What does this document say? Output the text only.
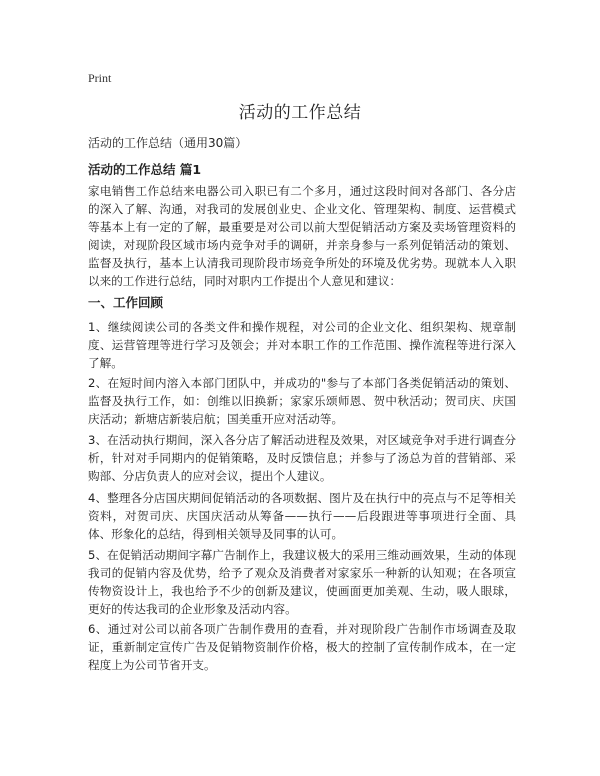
Print
活动的工作总结

活动的工作总结（通用30篇）

活动的工作总结 篇1

家电销售工作总结来电器公司入职已有二个多月，通过这段时间对各部门、各分店的深入了解、沟通，对我司的发展创业史、企业文化、管理架构、制度、运营模式等基本上有一定的了解，最重要是对公司以前大型促销活动方案及卖场管理资料的阅读，对现阶段区域市场内竞争对手的调研，并亲身参与一系列促销活动的策划、监督及执行，基本上认清我司现阶段市场竞争所处的环境及优劣势。现就本人入职以来的工作进行总结，同时对职内工作提出个人意见和建议：

一、工作回顾

1、继续阅读公司的各类文件和操作规程，对公司的企业文化、组织架构、规章制度、运营管理等进行学习及领会；并对本职工作的工作范围、操作流程等进行深入了解。

2、在短时间内溶入本部门团队中，并成功的"参与了本部门各类促销活动的策划、监督及执行工作，如：创维以旧换新；家家乐颂师恩、贺中秋活动；贺司庆、庆国庆活动；新塘店新装启航；国美重开应对活动等。

3、在活动执行期间，深入各分店了解活动进程及效果，对区域竞争对手进行调查分析，针对对手同期内的促销策略，及时反馈信息；并参与了汤总为首的营销部、采购部、分店负责人的应对会议，提出个人建议。

4、整理各分店国庆期间促销活动的各项数据、图片及在执行中的亮点与不足等相关资料，对贺司庆、庆国庆活动从筹备——执行——后段跟进等事项进行全面、具体、形象化的总结，得到相关领导及同事的认可。

5、在促销活动期间字幕广告制作上，我建议极大的采用三维动画效果，生动的体现我司的促销内容及优势，给予了观众及消费者对家家乐一种新的认知观；在各项宣传物资设计上，我也给予不少的创新及建议，使画面更加美观、生动，吸人眼球，更好的传达我司的企业形象及活动内容。

6、通过对公司以前各项广告制作费用的查看，并对现阶段广告制作市场调查及取证，重新制定宣传广告及促销物资制作价格，极大的控制了宣传制作成本，在一定程度上为公司节省开支。
